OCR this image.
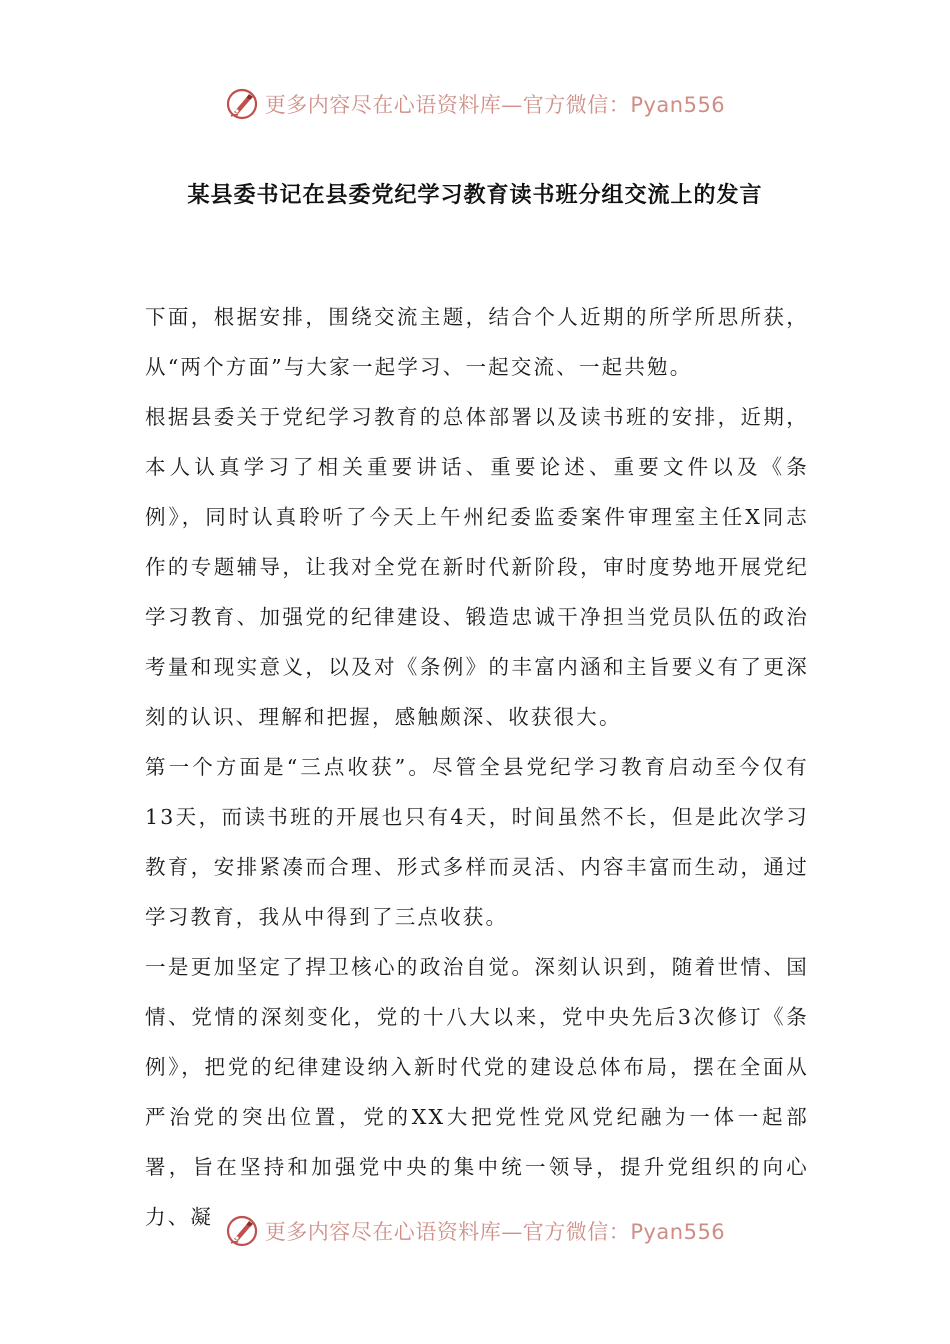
更多内容尽在心语资料库—官方微信：Pyan556
某县委书记在县委党纪学习教育读书班分组交流上的发言

下面，根据安排，围绕交流主题，结合个人近期的所学所思所获，从“两个方面”与大家一起学习、一起交流、一起共勉。

根据县委关于党纪学习教育的总体部署以及读书班的安排，近期，本人认真学习了相关重要讲话、重要论述、重要文件以及《条例》，同时认真聆听了今天上午州纪委监委案件审理室主任X同志作的专题辅导，让我对全党在新时代新阶段，审时度势地开展党纪学习教育、加强党的纪律建设、锻造忠诚干净担当党员队伍的政治考量和现实意义，以及对《条例》的丰富内涵和主旨要义有了更深刻的认识、理解和把握，感触颇深、收获很大。

第一个方面是“三点收获”。尽管全县党纪学习教育启动至今仅有13天，而读书班的开展也只有4天，时间虽然不长，但是此次学习教育，安排紧凑而合理、形式多样而灵活、内容丰富而生动，通过学习教育，我从中得到了三点收获。

一是更加坚定了捍卫核心的政治自觉。深刻认识到，随着世情、国情、党情的深刻变化，党的十八大以来，党中央先后3次修订《条例》，把党的纪律建设纳入新时代党的建设总体布局，摆在全面从严治党的突出位置，党的XX大把党性党风党纪融为一体一起部署，旨在坚持和加强党中央的集中统一领导，提升党组织的向心力、凝

更多内容尽在心语资料库—官方微信：Pyan556
